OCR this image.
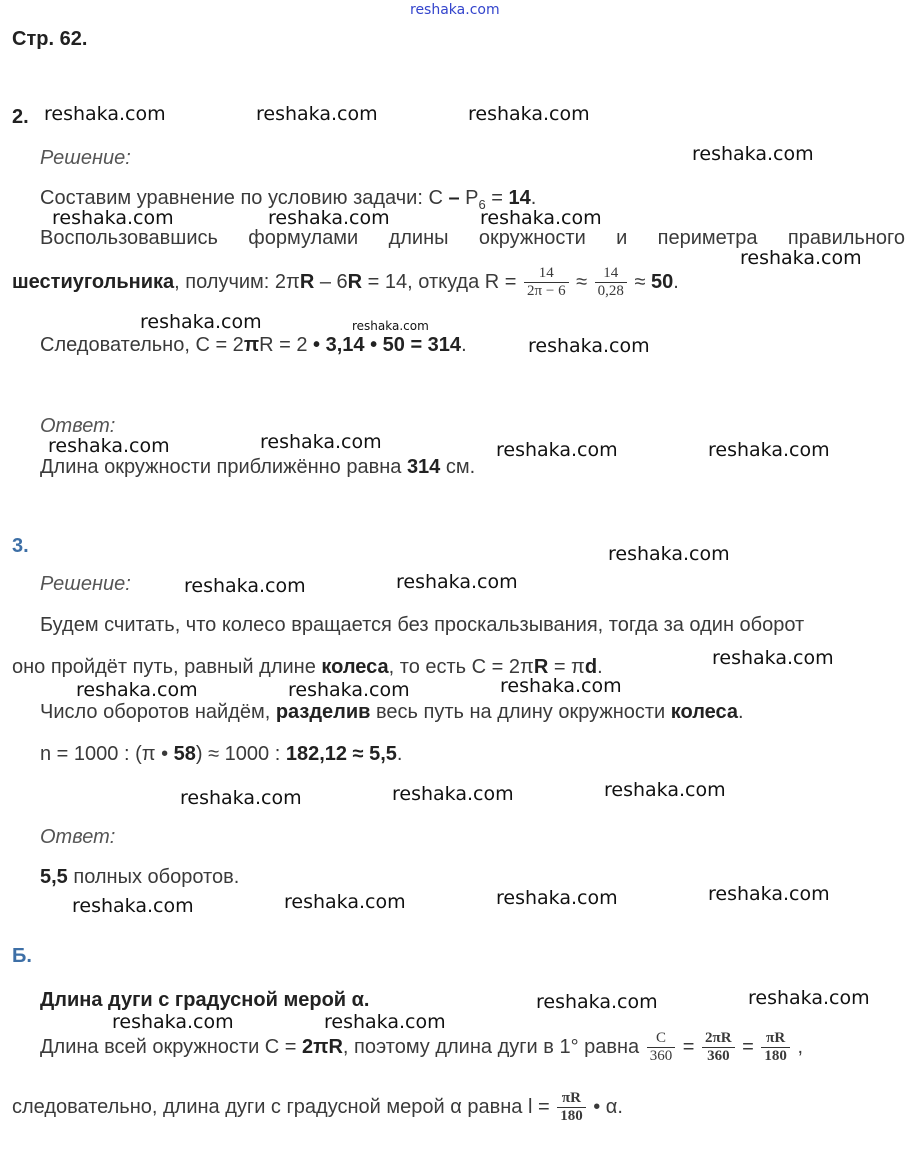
reshaka.com
Стр. 62.
2.
Решение:
Составим уравнение по условию задачи: $C - P_6 = 14$.
Воспользовавшись формулами длины окружности и периметра правильного
шестиугольника, получим: 2πR – 6R = 14, откуда $R = \frac{14}{2\pi - 6} \approx \frac{14}{0,28} \approx 50$.
Следовательно, C = 2πR = 2 • 3,14 • 50 = 314.
Ответ:
Длина окружности приближённо равна 314 см.
3.
Решение:
Будем считать, что колесо вращается без проскальзывания, тогда за один оборот
оно пройдёт путь, равный длине колеса, то есть C = 2πR = πd.
Число оборотов найдём, разделив весь путь на длину окружности колеса.
n = 1000 : (π • 58) ≈ 1000 : 182,12 ≈ 5,5.
Ответ:
5,5 полных оборотов.
Б.
Длина дуги с градусной мерой α.
Длина всей окружности C = 2πR, поэтому длина дуги в 1° равна $\frac{C}{360} = \frac{2\pi R}{360} = \frac{\pi R}{180}$ ,
следовательно, длина дуги с градусной мерой α равна $l = \frac{\pi R}{180}$ • α.
reshaka.com	reshaka.com	reshaka.com
reshaka.com
reshaka.com	reshaka.com	reshaka.com
reshaka.com
reshaka.com	reshaka.com
reshaka.com
reshaka.com	reshaka.com	reshaka.com	reshaka.com
reshaka.com
reshaka.com	reshaka.com
reshaka.com
reshaka.com	reshaka.com	reshaka.com
reshaka.com	reshaka.com	reshaka.com
reshaka.com	reshaka.com	reshaka.com	reshaka.com
reshaka.com	reshaka.com
reshaka.com	reshaka.com
